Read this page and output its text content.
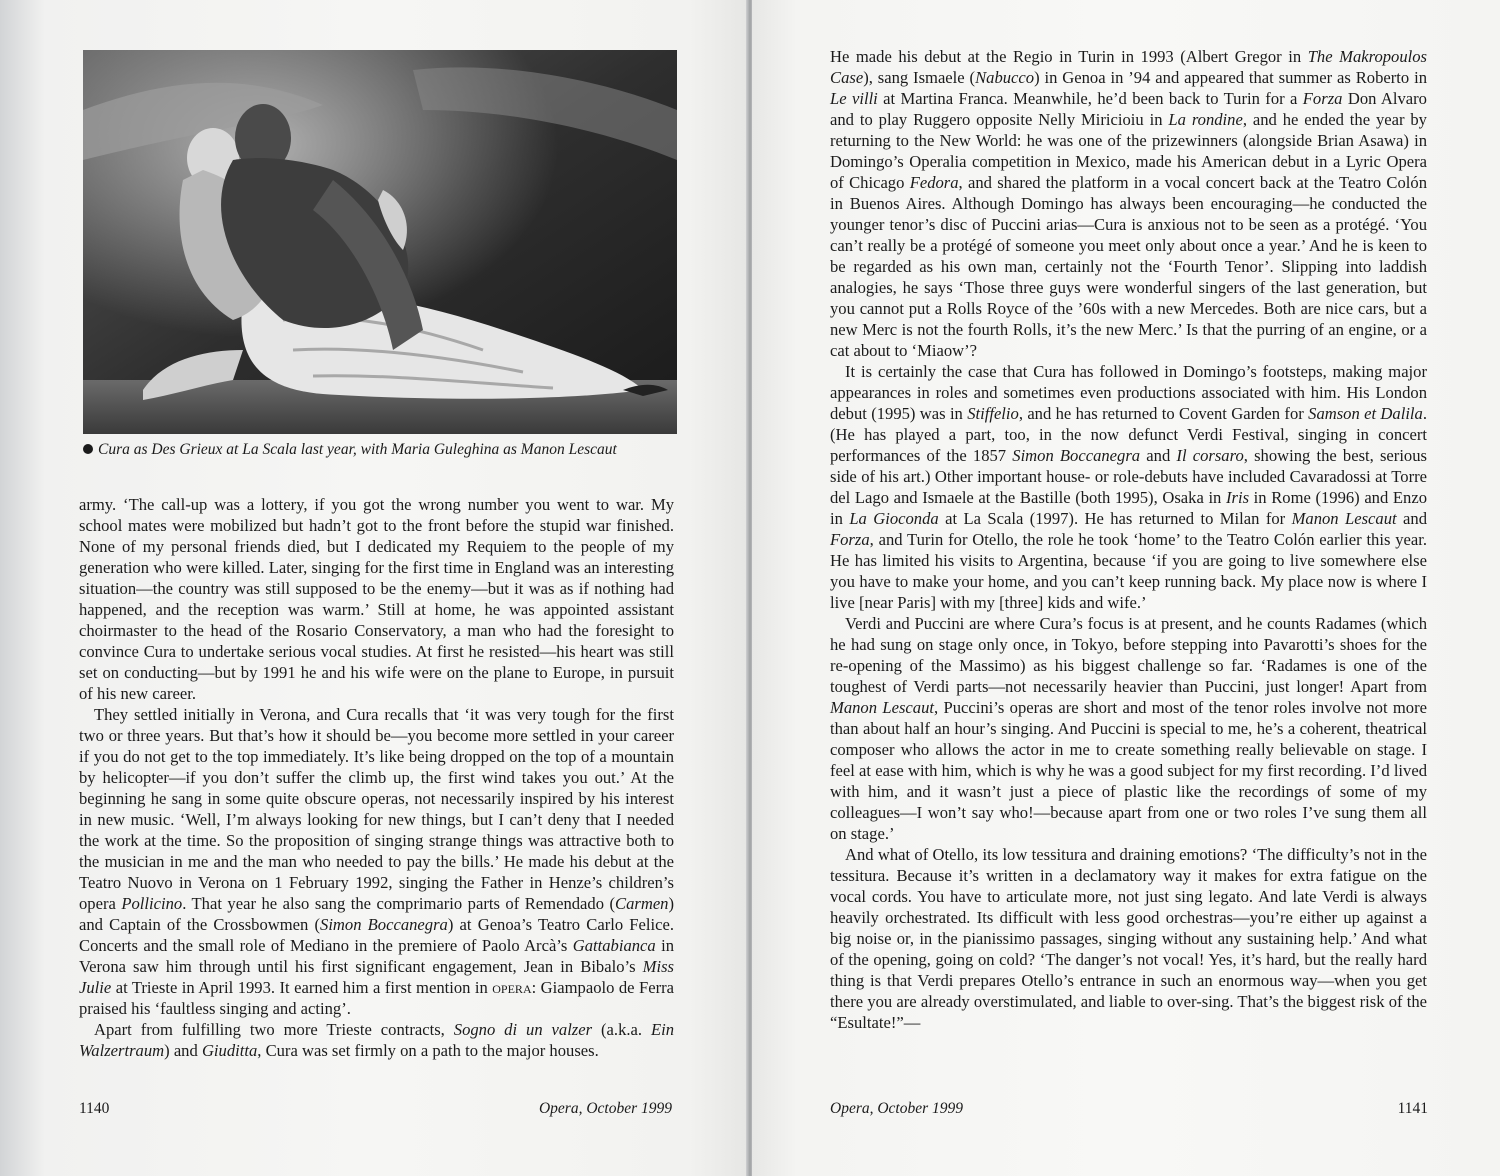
Cura as Des Grieux at La Scala last year, with Maria Guleghina as Manon Lescaut

army. ‘The call-up was a lottery, if you got the wrong number you went to war. My school mates were mobilized but hadn’t got to the front before the stupid war finished. None of my personal friends died, but I dedicated my Requiem to the people of my generation who were killed. Later, singing for the first time in England was an interesting situation—the country was still supposed to be the enemy—but it was as if nothing had happened, and the reception was warm.’ Still at home, he was appointed assistant choirmaster to the head of the Rosario Conservatory, a man who had the foresight to convince Cura to undertake serious vocal studies. At first he resisted—his heart was still set on conducting—but by 1991 he and his wife were on the plane to Europe, in pursuit of his new career.

They settled initially in Verona, and Cura recalls that ‘it was very tough for the first two or three years. But that’s how it should be—you become more settled in your career if you do not get to the top immediately. It’s like being dropped on the top of a mountain by helicopter—if you don’t suffer the climb up, the first wind takes you out.’ At the beginning he sang in some quite obscure operas, not necessarily inspired by his interest in new music. ‘Well, I’m always looking for new things, but I can’t deny that I needed the work at the time. So the proposition of singing strange things was attractive both to the musician in me and the man who needed to pay the bills.’ He made his debut at the Teatro Nuovo in Verona on 1 February 1992, singing the Father in Henze’s children’s opera Pollicino. That year he also sang the comprimario parts of Remendado (Carmen) and Captain of the Crossbowmen (Simon Boccanegra) at Genoa’s Teatro Carlo Felice. Concerts and the small role of Mediano in the premiere of Paolo Arcà’s Gattabianca in Verona saw him through until his first significant engagement, Jean in Bibalo’s Miss Julie at Trieste in April 1993. It earned him a first mention in opera: Giampaolo de Ferra praised his ‘faultless singing and acting’.

Apart from fulfilling two more Trieste contracts, Sogno di un valzer (a.k.a. Ein Walzertraum) and Giuditta, Cura was set firmly on a path to the major houses.

1140	Opera, October 1999

He made his debut at the Regio in Turin in 1993 (Albert Gregor in The Makropoulos Case), sang Ismaele (Nabucco) in Genoa in ’94 and appeared that summer as Roberto in Le villi at Martina Franca. Meanwhile, he’d been back to Turin for a Forza Don Alvaro and to play Ruggero opposite Nelly Miricioiu in La rondine, and he ended the year by returning to the New World: he was one of the prizewinners (alongside Brian Asawa) in Domingo’s Operalia competition in Mexico, made his American debut in a Lyric Opera of Chicago Fedora, and shared the platform in a vocal concert back at the Teatro Colón in Buenos Aires. Although Domingo has always been encouraging—he conducted the younger tenor’s disc of Puccini arias—Cura is anxious not to be seen as a protégé. ‘You can’t really be a protégé of someone you meet only about once a year.’ And he is keen to be regarded as his own man, certainly not the ‘Fourth Tenor’. Slipping into laddish analogies, he says ‘Those three guys were wonderful singers of the last generation, but you cannot put a Rolls Royce of the ’60s with a new Mercedes. Both are nice cars, but a new Merc is not the fourth Rolls, it’s the new Merc.’ Is that the purring of an engine, or a cat about to ‘Miaow’?

It is certainly the case that Cura has followed in Domingo’s footsteps, making major appearances in roles and sometimes even productions associated with him. His London debut (1995) was in Stiffelio, and he has returned to Covent Garden for Samson et Dalila. (He has played a part, too, in the now defunct Verdi Festival, singing in concert performances of the 1857 Simon Boccanegra and Il corsaro, showing the best, serious side of his art.) Other important house- or role-debuts have included Cavaradossi at Torre del Lago and Ismaele at the Bastille (both 1995), Osaka in Iris in Rome (1996) and Enzo in La Gioconda at La Scala (1997). He has returned to Milan for Manon Lescaut and Forza, and Turin for Otello, the role he took ‘home’ to the Teatro Colón earlier this year. He has limited his visits to Argentina, because ‘if you are going to live somewhere else you have to make your home, and you can’t keep running back. My place now is where I live [near Paris] with my [three] kids and wife.’

Verdi and Puccini are where Cura’s focus is at present, and he counts Radames (which he had sung on stage only once, in Tokyo, before stepping into Pavarotti’s shoes for the re-opening of the Massimo) as his biggest challenge so far. ‘Radames is one of the toughest of Verdi parts—not necessarily heavier than Puccini, just longer! Apart from Manon Lescaut, Puccini’s operas are short and most of the tenor roles involve not more than about half an hour’s singing. And Puccini is special to me, he’s a coherent, theatrical composer who allows the actor in me to create something really believable on stage. I feel at ease with him, which is why he was a good subject for my first recording. I’d lived with him, and it wasn’t just a piece of plastic like the recordings of some of my colleagues—I won’t say who!—because apart from one or two roles I’ve sung them all on stage.’

And what of Otello, its low tessitura and draining emotions? ‘The difficulty’s not in the tessitura. Because it’s written in a declamatory way it makes for extra fatigue on the vocal cords. You have to articulate more, not just sing legato. And late Verdi is always heavily orchestrated. Its difficult with less good orchestras—you’re either up against a big noise or, in the pianissimo passages, singing without any sustaining help.’ And what of the opening, going on cold? ‘The danger’s not vocal! Yes, it’s hard, but the really hard thing is that Verdi prepares Otello’s entrance in such an enormous way—when you get there you are already overstimulated, and liable to over-sing. That’s the biggest risk of the “Esultate!”—

Opera, October 1999	1141
